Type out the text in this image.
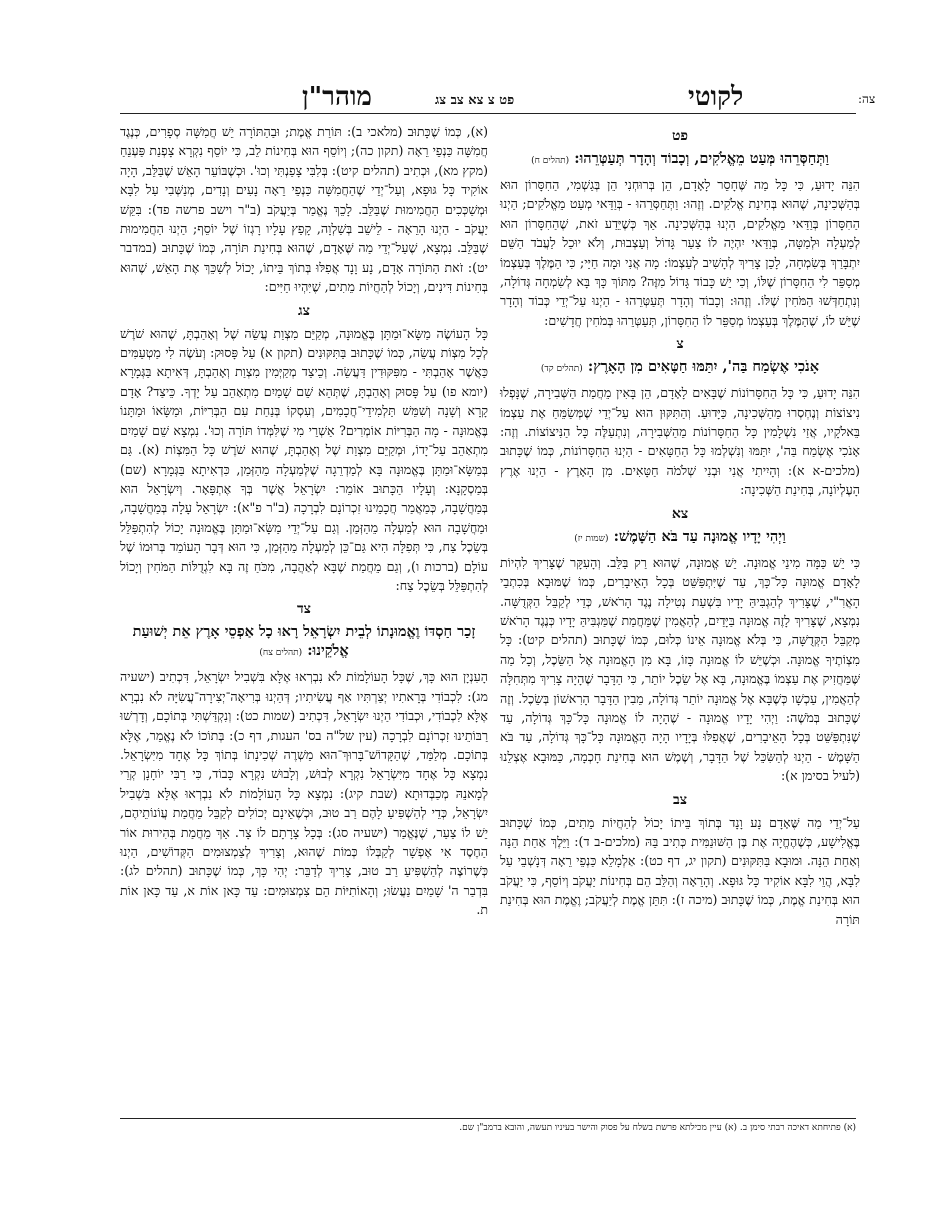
מוהר"ן	פט צ צא צב צג	לקוטי	צה:
פט
וַתְּחַסְּרֵהוּ מְּעַט מֵאֱלֹקִים, וְכָבוֹד וְהָדָר תְּעַטְּרֵהוּ: (תהלים ח)

הִנֵּה יָדוּעַ, כִּי כָּל מַה שֶּׁחָסֵר לָאָדָם, הֵן בְּרוּחְנִי הֵן בְּגַשְׁמִי, הַחִסָּרוֹן הוּא בְּהַשְּׁכִינָה, שֶׁהוּא בְּחִינַת אֱלֹקִים. וְזֶהוּ: וַתְּחַסְּרֵהוּ - בְּוַדַּאי מְעַט מֵאֱלֹקִים; הַיְנוּ הַחִסָּרוֹן בְּוַדַּאי מֵאֱלֹקִים, הַיְנוּ בְּהַשְּׁכִינָה. אַךְ כְּשֶׁיֵּדַע זֹאת, שֶׁהַחִסָּרוֹן הוּא לְמַעְלָה וּלְמַטָּה, בְּוַדַּאי יִהְיֶה לוֹ צַעַר גָּדוֹל וְעַצְבוּת, וְלֹא יוּכַל לַעֲבֹד הַשֵּׁם יִתְבָּרַךְ בְּשִׂמְחָה, לָכֵן צָרִיךְ לְהָשִׁיב לְעַצְמוֹ: מָה אֲנִי וּמָה חַיַּי; כִּי הַמֶּלֶךְ בְּעַצְמוֹ מְסַפֵּר לִי הַחִסָּרוֹן שֶׁלּוֹ, וְכִי יֵשׁ כָּבוֹד גָּדוֹל מִזֶּה? מִתּוֹךְ כָּךְ בָּא לְשִׂמְחָה גְּדוֹלָה, וְנִתְחַדְּשׁוּ הַמֹּחִין שֶׁלּוֹ. וְזֶהוּ: וְכָבוֹד וְהָדָר תְּעַטְּרֵהוּ - הַיְנוּ עַל־יְדֵי כְּבוֹד וְהָדָר שֶׁיֵּשׁ לוֹ, שֶׁהַמֶּלֶךְ בְּעַצְמוֹ מְסַפֵּר לוֹ הַחִסָּרוֹן, תְּעַטְּרֵהוּ בְּמֹחִין חֲדָשִׁים:

צ
אָנֹכִי אֶשְׂמַח בַּה', יִתַּמּוּ חַטָּאִים מִן הָאָרֶץ: (תהלים קד)

הִנֵּה יָדוּעַ, כִּי כָּל הַחִסָּרוֹנוֹת שֶׁבָּאִים לָאָדָם, הֵן בָּאִין מֵחֲמַת הַשְּׁבִירָה, שֶׁנָּפְלוּ נִיצוֹצוֹת וְנֶחְסְרוּ מֵהַשְּׁכִינָה, כַּיָּדוּעַ. וְהַתִּקּוּן הוּא עַל־יְדֵי שֶׁמְּשַׂמֵּחַ אֶת עַצְמוֹ בֵּאלֹקָיו, אֲזַי נִשְׁלָמִין כָּל הַחִסָּרוֹנוֹת מֵהַשְּׁבִירָה, וְנִתְעַלֶּה כָּל הַנִּיצוֹצוֹת. וְזֶה: אָנֹכִי אֶשְׂמַח בַּה', יִתַּמּוּ וְנִשְׁלְמוּ כָּל הַחַטָּאִים - הַיְנוּ הַחִסָּרוֹנוֹת, כְּמוֹ שֶׁכָּתוּב (מלכים-א א): וְהָיִיתִי אֲנִי וּבְנִי שְׁלֹמֹה חַטָּאִים. מִן הָאָרֶץ - הַיְנוּ אֶרֶץ הָעֶלְיוֹנָה, בְּחִינַת הַשְּׁכִינָה:

צא
וַיְהִי יָדָיו אֱמוּנָה עַד בֹּא הַשָּׁמֶשׁ: (שמות יז)

כִּי יֵשׁ כַּמָּה מִינֵי אֱמוּנָה. יֵשׁ אֱמוּנָה, שֶׁהוּא רַק בַּלֵּב. וְהָעִקָּר שֶׁצָּרִיךְ לִהְיוֹת לָאָדָם אֱמוּנָה כָּל־כָּךְ, עַד שֶׁיִּתְפַּשֵּׁט בְּכָל הָאֵיבָרִים, כְּמוֹ שֶׁמּוּבָא בְּכִתְבֵי הָאֲרִ"י, שֶׁצָּרִיךְ לְהַגְבִּיהַּ יָדָיו בִּשְׁעַת נְטִילָה נֶגֶד הָרֹאשׁ, כְּדֵי לְקַבֵּל הַקְּדֻשָּׁה. נִמְצָא, שֶׁצָּרִיךְ לָזֶה אֱמוּנָה בַּיָּדַיִם, לְהַאֲמִין שֶׁמֵּחֲמַת שֶׁמַּגְבִּיהַּ יָדָיו כְּנֶגֶד הָרֹאשׁ מְקַבֵּל הַקְּדֻשָּׁה, כִּי בְּלֹא אֱמוּנָה אֵינוֹ כְּלוּם, כְּמוֹ שֶׁכָּתוּב (תהלים קיט): כָּל מִצְוֹתֶיךָ אֱמוּנָה. וּכְשֶׁיֵּשׁ לוֹ אֱמוּנָה כָּזוֹ, בָּא מִן הָאֱמוּנָה אֶל הַשֵּׂכֶל, וְכָל מַה שֶּׁמַּחֲזִיק אֶת עַצְמוֹ בֶּאֱמוּנָה, בָּא אֶל שֵׂכֶל יוֹתֵר, כִּי הַדָּבָר שֶׁהָיָה צָרִיךְ מִתְּחִלָּה לְהַאֲמִין, עַכְשָׁו כְּשֶׁבָּא אֶל אֱמוּנָה יוֹתֵר גְּדוֹלָה, מֵבִין הַדָּבָר הָרִאשׁוֹן בְּשֵׂכֶל. וְזֶה שֶׁכָּתוּב בְּמֹשֶׁה: וַיְהִי יָדָיו אֱמוּנָה - שֶׁהָיָה לוֹ אֱמוּנָה כָּל־כָּךְ גְּדוֹלָה, עַד שֶׁנִּתְפַּשֵּׁט בְּכָל הָאֵיבָרִים, שֶׁאֲפִלּוּ בְּיָדָיו הָיָה הָאֱמוּנָה כָּל־כָּךְ גְּדוֹלָה, עַד בֹּא הַשָּׁמֶשׁ - הַיְנוּ לְהַשִּׂכֵּל שֶׁל הַדָּבָר, וְשֶׁמֶשׁ הוּא בְּחִינַת חָכְמָה, כַּמּוּבָא אֶצְלֵנוּ (לעיל בסימן א):

צב

עַל־יְדֵי מַה שֶּׁאָדָם נָע וָנָד בְּתוֹךְ בֵּיתוֹ יָכוֹל לְהַחֲיוֹת מֵתִים, כְּמוֹ שֶׁכָּתוּב בֶּאֱלִישָׁע, כְּשֶׁהֶחֱיָה אֶת בֶּן הַשּׁוּנַמִּית כְּתִיב בֵּהּ (מלכים-ב ד): וַיֵּלֶךְ אַחַת הֵנָּה וְאַחַת הֵנָּה. וּמוּבָא בַּתִּקּוּנִים (תקון יג, דף כט): אַלְמָלֵא כַּנְפֵי רֵאָה דְּנָשְׁבֵי עַל לִבָּא, הֲוֵי לִבָּא אוֹקִיד כָּל גּוּפָא. וְהָרֵאָה וְהַלֵּב הֵם בְּחִינוֹת יַעֲקֹב וְיוֹסֵף, כִּי יַעֲקֹב הוּא בְּחִינַת אֱמֶת, כְּמוֹ שֶׁכָּתוּב (מיכה ז): תִּתֵּן אֱמֶת לְיַעֲקֹב; וֶאֱמֶת הוּא בְּחִינַת תּוֹרָה

(א), כְּמוֹ שֶׁכָּתוּב (מלאכי ב): תּוֹרַת אֱמֶת; וּבַהַתּוֹרָה יֵשׁ חֲמִשָּׁה סְפָרִים, כְּנֶגֶד חֲמִשָּׁה כַּנְפֵי רֵאָה (תקון כה); וְיוֹסֵף הוּא בְּחִינוֹת לֵב, כִּי יוֹסֵף נִקְרָא צָפְנַת פַּעְנֵחַ (מקץ מא), וּכְתִיב (תהלים קיט): בְּלִבִּי צָפַנְתִּי וְכוּ'. וּכְשֶׁבּוֹעֵר הָאֵשׁ שֶׁבַּלֵּב, הָיָה אוֹקִיד כָּל גּוּפָא, וְעַל־יְדֵי שֶׁהַחֲמִשָּׁה כַּנְפֵי רֵאָה נָעִים וְנָדִים, מְנַשְּׁבִי עַל לִבָּא וּמְשַׁכְּכִים הַחֲמִימוּת שֶׁבַּלֵּב. לָכֵךְ נֶאֱמַר בְּיַעֲקֹב (ב"ר וישב פרשה פד): בִּקֵּשׁ יַעֲקֹב - הַיְנוּ הָרֵאָה - לֵישֵׁב בְּשַׁלְוָה, קָפַץ עָלָיו רָגְזוֹ שֶׁל יוֹסֵף; הַיְנוּ הַחֲמִימוּת שֶׁבַּלֵּב. נִמְצָא, שֶׁעַל־יְדֵי מַה שֶּׁאָדָם, שֶׁהוּא בְּחִינַת תּוֹרָה, כְּמוֹ שֶׁכָּתוּב (במדבר יט): זֹאת הַתּוֹרָה אָדָם, נָע וָנָד אֲפִלּוּ בְּתוֹךְ בֵּיתוֹ, יָכוֹל לְשַׁכֵּךְ אֶת הָאֵשׁ, שֶׁהוּא בְּחִינוֹת דִּינִים, וְיָכוֹל לְהַחֲיוֹת מֵתִים, שֶׁיִּהְיוּ חַיִּים:

צג

כָּל הָעוֹשֶׂה מַשָּׂא־וּמַתָּן בֶּאֱמוּנָה, מְקַיֵּם מִצְוַת עֲשֵׂה שֶׁל וְאָהַבְתָּ, שֶׁהוּא שֹׁרֶשׁ לְכָל מִצְוֹת עֲשֵׂה, כְּמוֹ שֶׁכָּתוּב בַּתִּקּוּנִים (תקון א) עַל פָּסוּק: וְעֹשֶׂה לִי מַטְעַמִּים כַּאֲשֶׁר אָהַבְתִּי - מִפִּקּוּדִין דַּעֲשֵׂה. וְכֵיצַד מְקַיְּמִין מִצְוַת וְאָהַבְתָּ, דְּאִיתָא בַּגְּמָרָא (יומא פו) עַל פָּסוּק וְאָהַבְתָּ, שֶׁתְּהֵא שֵׁם שָׁמַיִם מִתְאַהֵב עַל יָדְךָ. כֵּיצַד? אָדָם קָרָא וְשָׁנָה וְשִׁמֵּשׁ תַּלְמִידֵי־חֲכָמִים, וְעִסְקוֹ בְּנַחַת עִם הַבְּרִיּוֹת, וּמַשָּׂאוֹ וּמַתָּנוֹ בֶּאֱמוּנָה - מָה הַבְּרִיּוֹת אוֹמְרִים? אַשְׁרֵי מִי שֶׁלִּמְּדוֹ תּוֹרָה וְכוּ'. נִמְצָא שֵׁם שָׁמַיִם מִתְאַהֵב עַל־יָדוֹ, וּמְקַיֵּם מִצְוַת שֶׁל וְאָהַבְתָּ, שֶׁהוּא שֹׁרֶשׁ כָּל הַמִּצְוֹת (א). גַּם בְּמַשָּׂא־וּמַתָּן בֶּאֱמוּנָה בָּא לְמַדְרֵגָה שֶׁלְּמַעְלָה מֵהַזְּמַן, כִּדְאִיתָא בַּגְּמָרָא (שם) בְּמַסְקָנָא: וְעָלָיו הַכָּתוּב אוֹמֵר: יִשְׂרָאֵל אֲשֶׁר בְּךָ אֶתְפָּאָר. וְיִשְׂרָאֵל הוּא בְּמַחֲשָׁבָה, כְּמַאֲמַר חֲכָמֵינוּ זִכְרוֹנָם לִבְרָכָה (ב"ר פ"א): יִשְׂרָאֵל עָלָה בְּמַחֲשָׁבָה, וּמַחֲשָׁבָה הוּא לְמַעְלָה מֵהַזְּמַן. וְגַם עַל־יְדֵי מַשָּׂא־וּמַתָּן בֶּאֱמוּנָה יָכוֹל לְהִתְפַּלֵּל בְּשֵׂכֶל צַח, כִּי תְּפִלָּה הִיא גַּם־כֵּן לְמַעְלָה מֵהַזְּמַן, כִּי הוּא דְּבָר הָעוֹמֵד בְּרוּמוֹ שֶׁל עוֹלָם (ברכות ו), וְגַם מֵחֲמַת שֶׁבָּא לְאַהֲבָה, מִכֹּחַ זֶה בָּא לִגְדֻלּוֹת הַמֹּחִין וְיָכוֹל לְהִתְפַּלֵּל בְּשֵׂכֶל צַח:

צד
זָכַר חַסְדּוֹ וֶאֱמוּנָתוֹ לְבֵית יִשְׂרָאֵל רָאוּ כָל אַפְסֵי אָרֶץ אֵת יְשׁוּעַת אֱלֹקֵינוּ: (תהלים צח)

הָעִנְיָן הוּא כָּךְ, שֶׁכָּל הָעוֹלָמוֹת לֹא נִבְרְאוּ אֶלָּא בִּשְׁבִיל יִשְׂרָאֵל, דִּכְתִיב (ישעיה מג): לִכְבוֹדִי בְּרָאתִיו יְצַרְתִּיו אַף עֲשִׂיתִיו; דְּהַיְנוּ בְּרִיאָה־יְצִירָה־עֲשִׂיָּה לֹא נִבְרָא אֶלָּא לִכְבוֹדִי, וּכְבוֹדִי הַיְנוּ יִשְׂרָאֵל, דִּכְתִיב (שמות כט): וְנִקְדַּשְׁתִּי בְּתוֹכָם, וְדָרְשׁוּ רַבּוֹתֵינוּ זִכְרוֹנָם לִבְרָכָה (עין של"ה בס' העגות, דף כ): בְּתוֹכוֹ לֹא נֶאֱמַר, אֶלָּא בְּתוֹכָם. מְלַמֵּד, שֶׁהַקָּדוֹשׁ־בָּרוּךְ־הוּא מַשְׁרֶה שְׁכִינָתוֹ בְּתוֹךְ כָּל אֶחָד מִיִּשְׂרָאֵל. נִמְצָא כָּל אֶחָד מִיִּשְׂרָאֵל נִקְרָא לְבוּשׁ, וְלָבוּשׁ נִקְרָא כָּבוֹד, כִּי רַבִּי יוֹחָנָן קְרֵי לְמָאנֵהּ מְכַבְּדוּתָא (שבת קיג): נִמְצָא כָּל הָעוֹלָמוֹת לֹא נִבְרְאוּ אֶלָּא בִּשְׁבִיל יִשְׂרָאֵל, כְּדֵי לְהַשְׁפִּיעַ לָהֶם רַב טוּב, וּכְשֶׁאֵינָם יְכוֹלִים לְקַבֵּל מֵחֲמַת עֲוֹנוֹתֵיהֶם, יֵשׁ לוֹ צַעַר, שֶׁנֶּאֱמַר (ישעיה סג): בְּכָל צָרָתָם לוֹ צָר. אַךְ מֵחֲמַת בְּהִירוּת אוֹר הַחֶסֶד אִי אֶפְשָׁר לְקַבְּלוֹ כְּמוֹת שֶׁהוּא, וְצָרִיךְ לְצַמְצוּמִים הַקְּדוֹשִׁים, הַיְנוּ כְּשֶׁרוֹצֶה לְהַשְׁפִּיעַ רַב טוּב, צָרִיךְ לְדַבֵּר: יְהִי כָּךְ, כְּמוֹ שֶׁכָּתוּב (תהלים לג): בִּדְבַר ה' שָׁמַיִם נַעֲשׂוּ; וְהָאוֹתִיּוֹת הֵם צִמְצוּמִים: עַד כָּאן אוֹת א, עַד כָּאן אוֹת ת.

(א) פתיחתא דאיכה רבתי סימן ב. (א) עיין מכילתא פרשת בשלח על פסוק והישר בעיניו תעשה, והובא ברמב"ן שם.
